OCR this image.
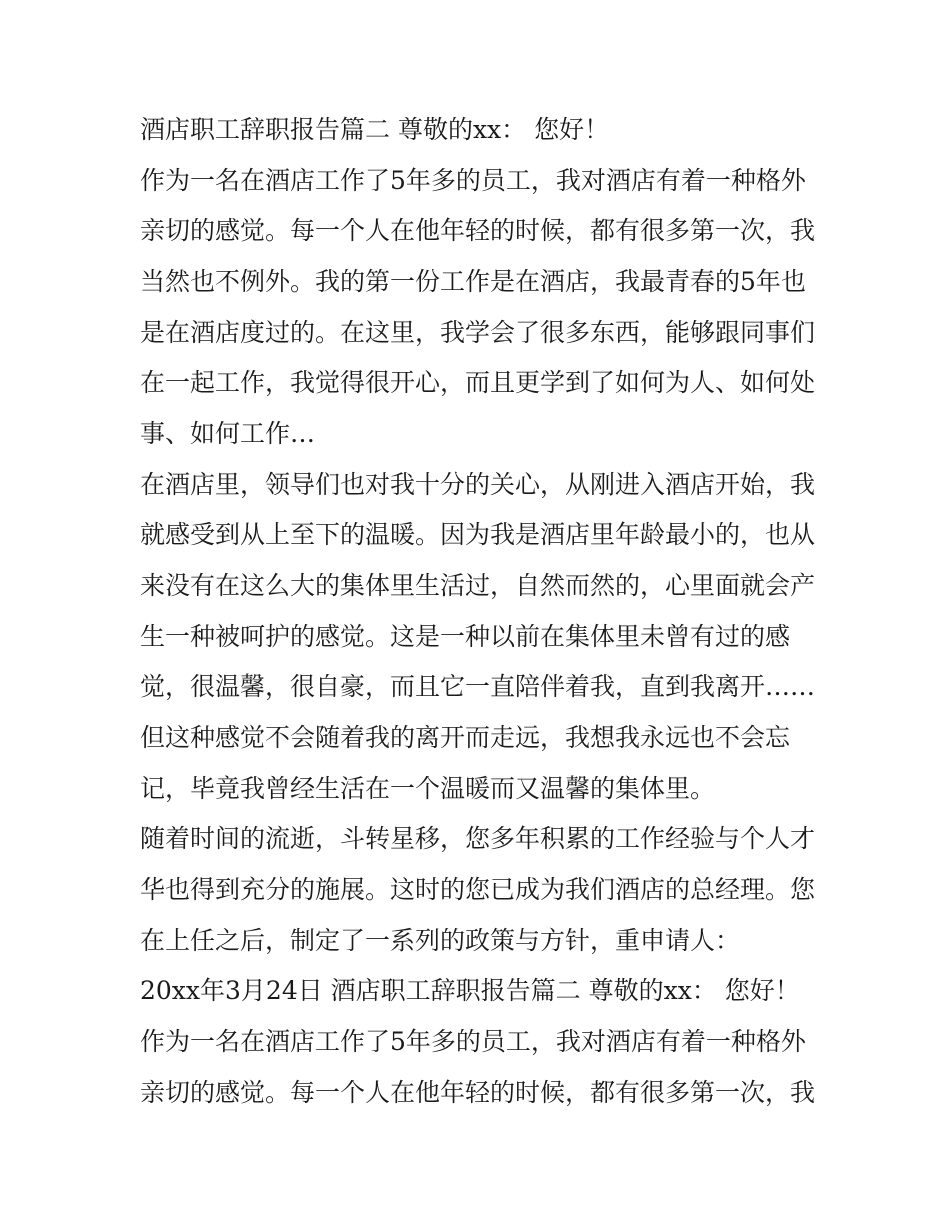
酒店职工辞职报告篇二 尊敬的xx： 您好！
作为一名在酒店工作了5年多的员工，我对酒店有着一种格外
亲切的感觉。每一个人在他年轻的时候，都有很多第一次，我
当然也不例外。我的第一份工作是在酒店，我最青春的5年也
是在酒店度过的。在这里，我学会了很多东西，能够跟同事们
在一起工作，我觉得很开心，而且更学到了如何为人、如何处
事、如何工作…
在酒店里，领导们也对我十分的关心，从刚进入酒店开始，我
就感受到从上至下的温暖。因为我是酒店里年龄最小的，也从
来没有在这么大的集体里生活过，自然而然的，心里面就会产
生一种被呵护的感觉。这是一种以前在集体里未曾有过的感
觉，很温馨，很自豪，而且它一直陪伴着我，直到我离开……
但这种感觉不会随着我的离开而走远，我想我永远也不会忘
记，毕竟我曾经生活在一个温暖而又温馨的集体里。
随着时间的流逝，斗转星移，您多年积累的工作经验与个人才
华也得到充分的施展。这时的您已成为我们酒店的总经理。您
在上任之后，制定了一系列的政策与方针，重申请人：
20xx年3月24日 酒店职工辞职报告篇二 尊敬的xx： 您好！
作为一名在酒店工作了5年多的员工，我对酒店有着一种格外
亲切的感觉。每一个人在他年轻的时候，都有很多第一次，我
